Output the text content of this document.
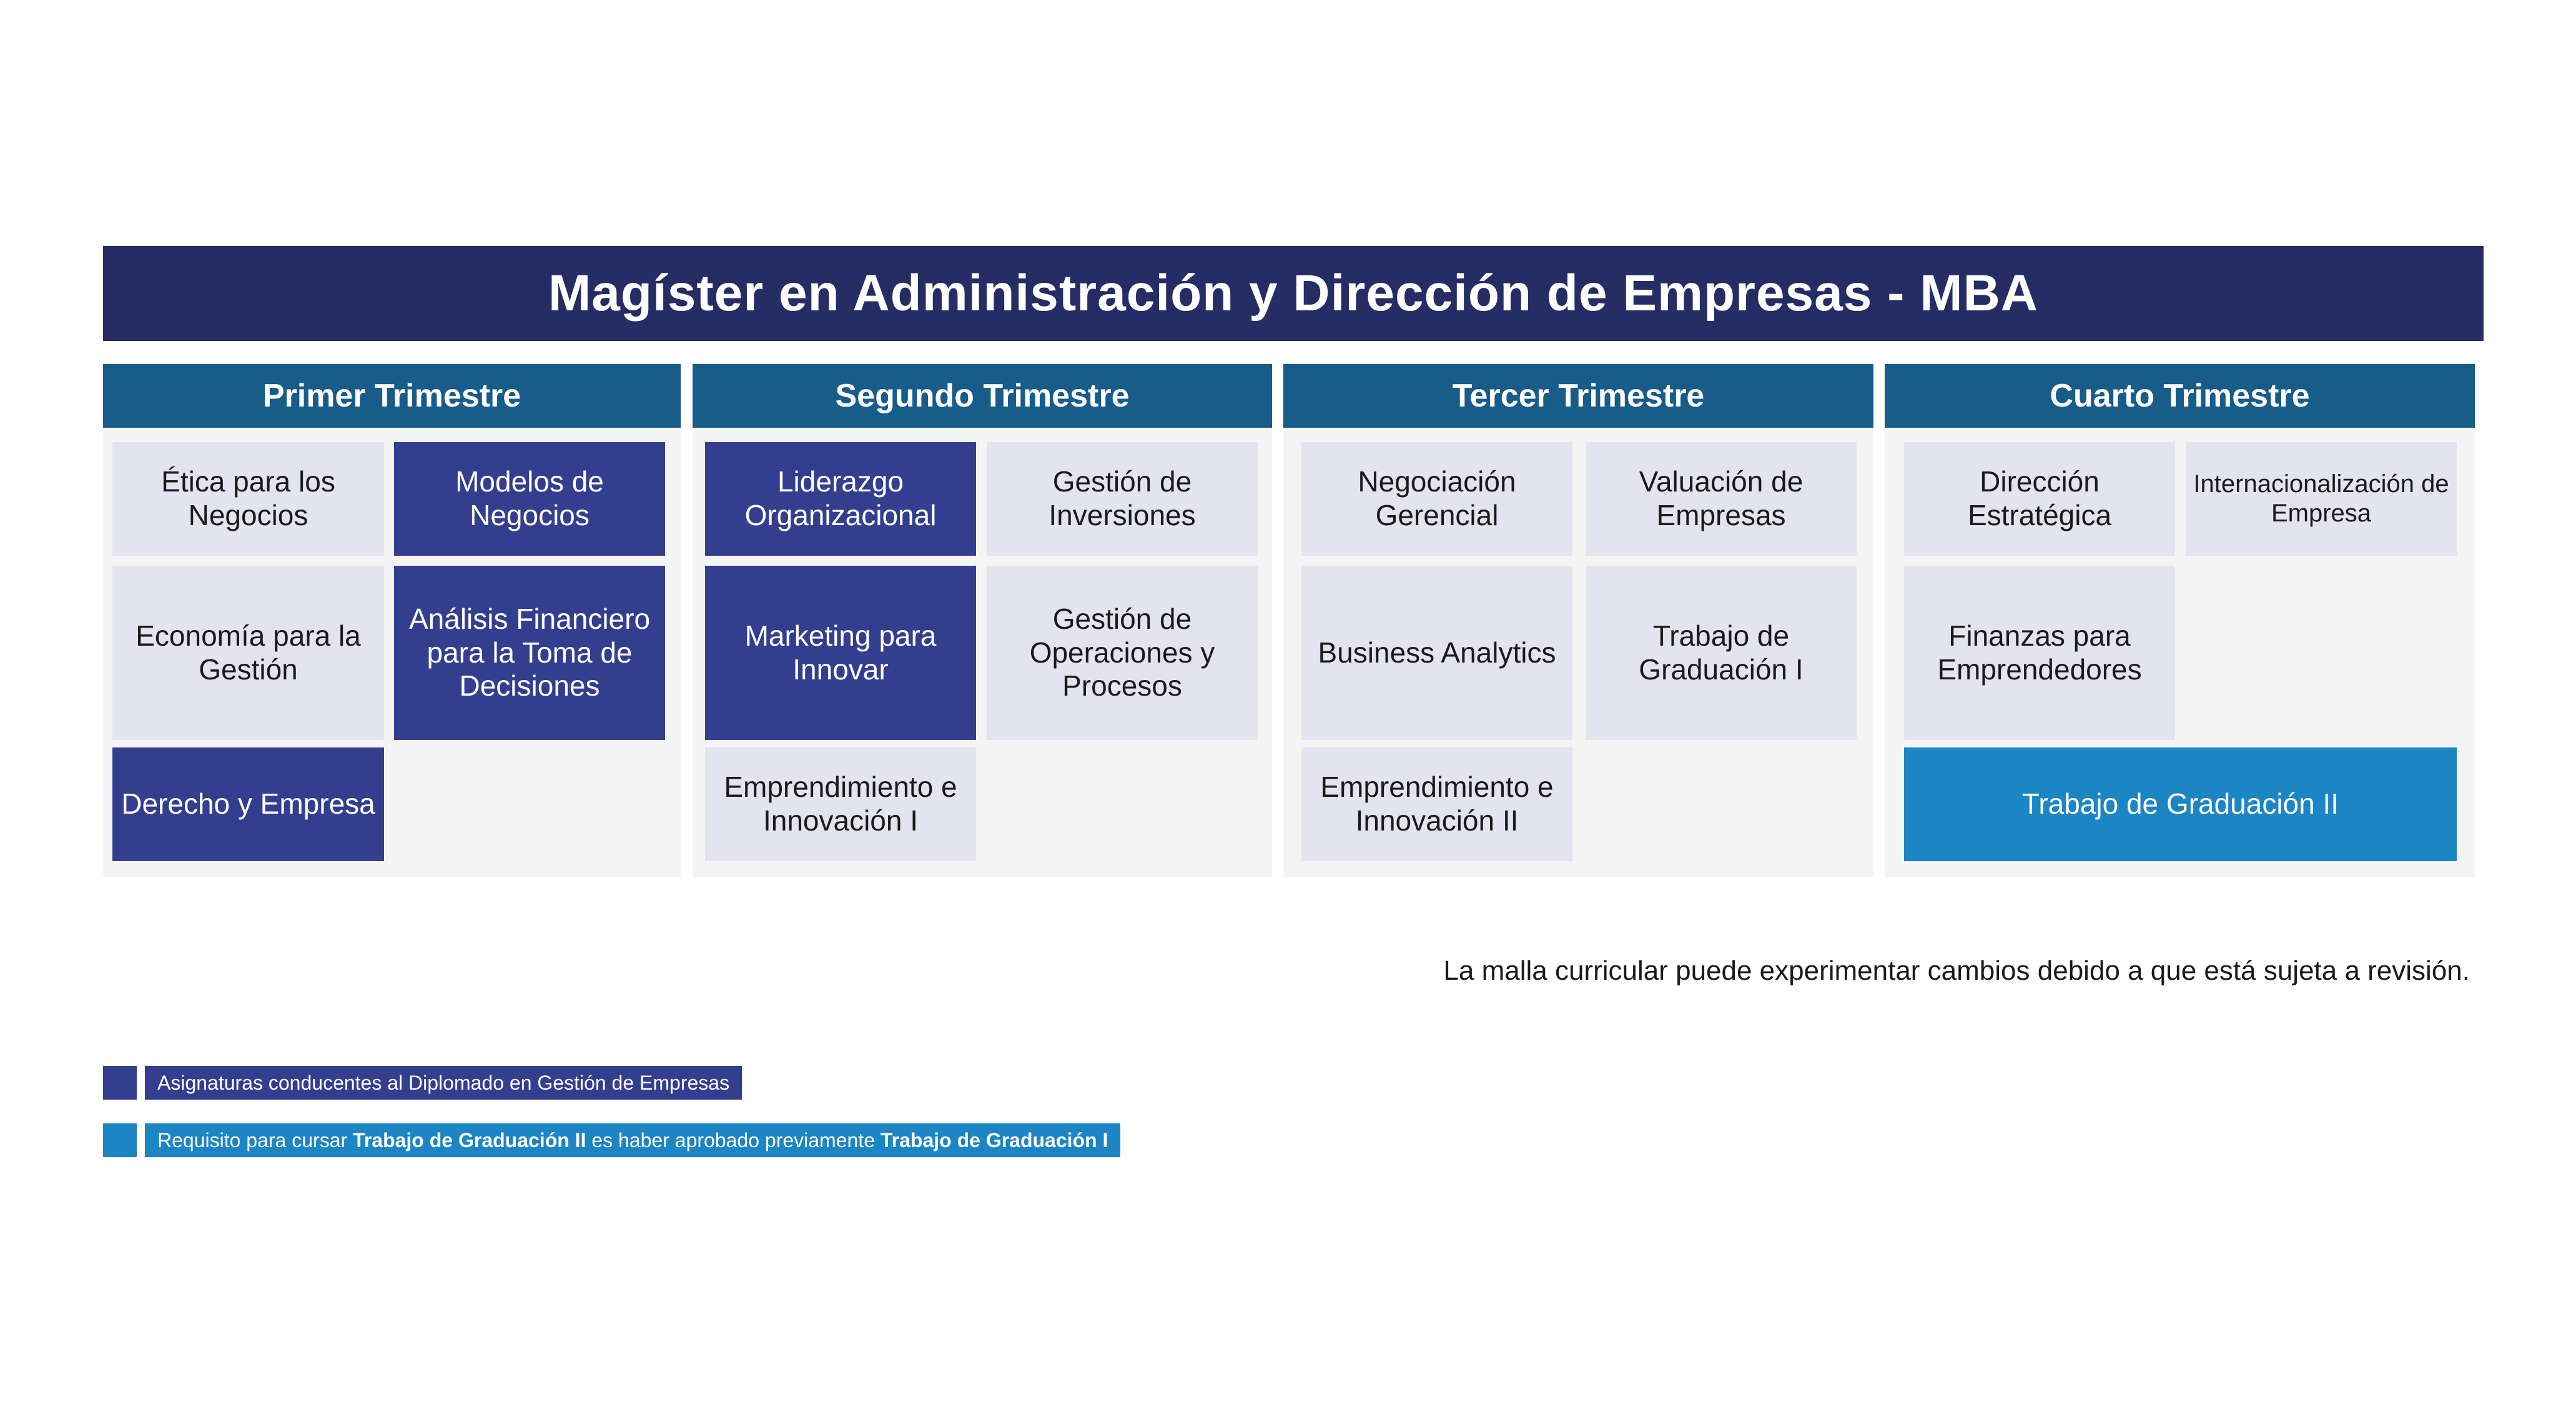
Magíster en Administración y Dirección de Empresas - MBA
Primer Trimestre
Ética para los Negocios
Modelos de Negocios
Economía para la Gestión
Análisis Financiero para la Toma de Decisiones
Derecho y Empresa
Segundo Trimestre
Liderazgo Organizacional
Gestión de Inversiones
Marketing para Innovar
Gestión de Operaciones y Procesos
Emprendimiento e Innovación I
Tercer Trimestre
Negociación Gerencial
Valuación de Empresas
Business Analytics
Trabajo de Graduación I
Emprendimiento e Innovación II
Cuarto Trimestre
Dirección Estratégica
Internacionalización de Empresa
Finanzas para Emprendedores
Trabajo de Graduación II
La malla curricular puede experimentar cambios debido a que está sujeta a revisión.
Asignaturas conducentes al Diplomado en Gestión de Empresas
Requisito para cursar Trabajo de Graduación II es haber aprobado previamente Trabajo de Graduación I
